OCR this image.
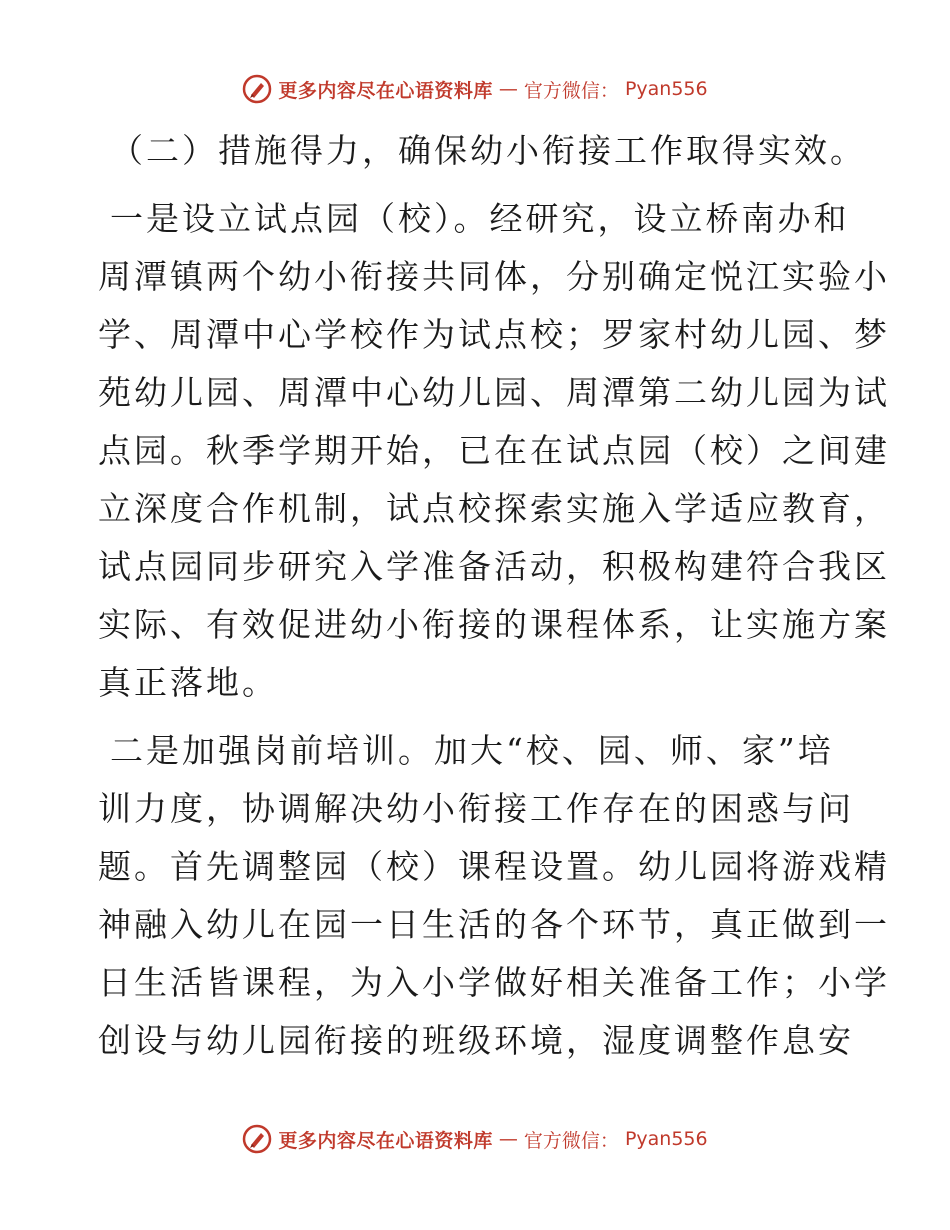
更多内容尽在心语资料库 — 官方微信： Pyan556
（二）措施得力，确保幼小衔接工作取得实效。
一是设立试点园（校）。经研究，设立桥南办和
周潭镇两个幼小衔接共同体，分别确定悦江实验小
学、周潭中心学校作为试点校；罗家村幼儿园、梦
苑幼儿园、周潭中心幼儿园、周潭第二幼儿园为试
点园。秋季学期开始，已在在试点园（校）之间建
立深度合作机制，试点校探索实施入学适应教育，
试点园同步研究入学准备活动，积极构建符合我区
实际、有效促进幼小衔接的课程体系，让实施方案
真正落地。
二是加强岗前培训。加大“校、园、师、家”培
训力度，协调解决幼小衔接工作存在的困惑与问
题。首先调整园（校）课程设置。幼儿园将游戏精
神融入幼儿在园一日生活的各个环节，真正做到一
日生活皆课程，为入小学做好相关准备工作；小学
创设与幼儿园衔接的班级环境，湿度调整作息安
更多内容尽在心语资料库 — 官方微信： Pyan556
